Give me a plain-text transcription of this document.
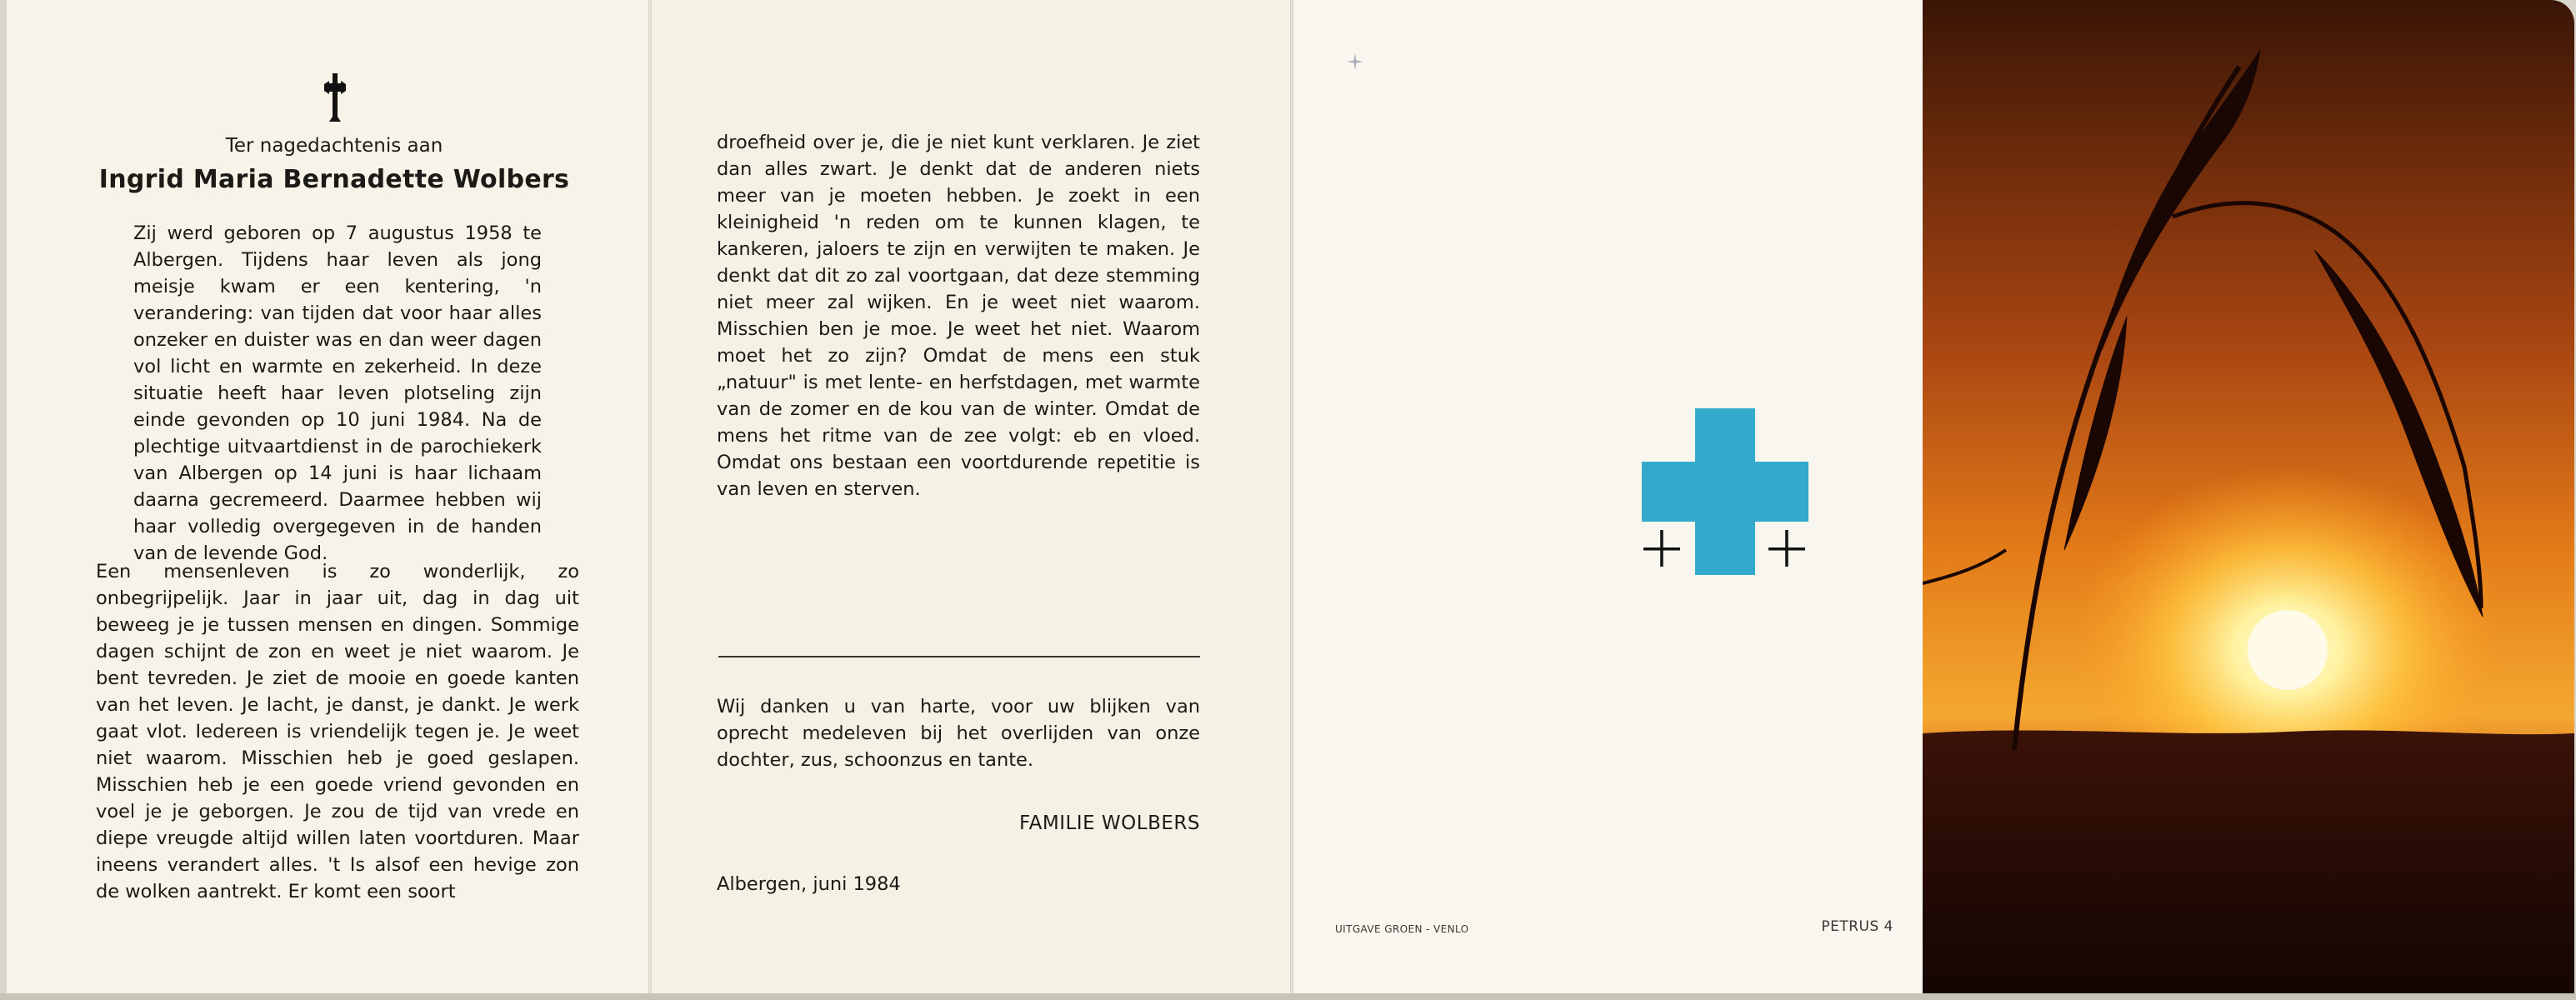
Ter nagedachtenis aan
Ingrid Maria Bernadette Wolbers

Zij werd geboren op 7 augustus 1958 te Albergen. Tijdens haar leven als jong meisje kwam er een kentering, 'n verandering: van tijden dat voor haar alles onzeker en duister was en dan weer dagen vol licht en warmte en zekerheid. In deze situatie heeft haar leven plotseling zijn einde gevonden op 10 juni 1984. Na de plechtige uitvaartdienst in de parochiekerk van Albergen op 14 juni is haar lichaam daarna gecremeerd. Daarmee hebben wij haar volledig overgegeven in de handen van de levende God.

Een mensenleven is zo wonderlijk, zo onbegrijpelijk. Jaar in jaar uit, dag in dag uit beweeg je je tussen mensen en dingen. Sommige dagen schijnt de zon en weet je niet waarom. Je bent tevreden. Je ziet de mooie en goede kanten van het leven. Je lacht, je danst, je dankt. Je werk gaat vlot. Iedereen is vriendelijk tegen je. Je weet niet waarom. Misschien heb je goed geslapen. Misschien heb je een goede vriend gevonden en voel je je geborgen. Je zou de tijd van vrede en diepe vreugde altijd willen laten voortduren. Maar ineens verandert alles. 't Is alsof een hevige zon de wolken aantrekt. Er komt een soort

droefheid over je, die je niet kunt verklaren. Je ziet dan alles zwart. Je denkt dat de anderen niets meer van je moeten hebben. Je zoekt in een kleinigheid 'n reden om te kunnen klagen, te kankeren, jaloers te zijn en verwijten te maken. Je denkt dat dit zo zal voortgaan, dat deze stemming niet meer zal wijken. En je weet niet waarom. Misschien ben je moe. Je weet het niet. Waarom moet het zo zijn? Omdat de mens een stuk „natuur" is met lente- en herfstdagen, met warmte van de zomer en de kou van de winter. Omdat de mens het ritme van de zee volgt: eb en vloed. Omdat ons bestaan een voortdurende repetitie is van leven en sterven.

Wij danken u van harte, voor uw blijken van oprecht medeleven bij het overlijden van onze dochter, zus, schoonzus en tante.

FAMILIE WOLBERS
Albergen, juni 1984
UITGAVE GROEN - VENLO	PETRUS 4
